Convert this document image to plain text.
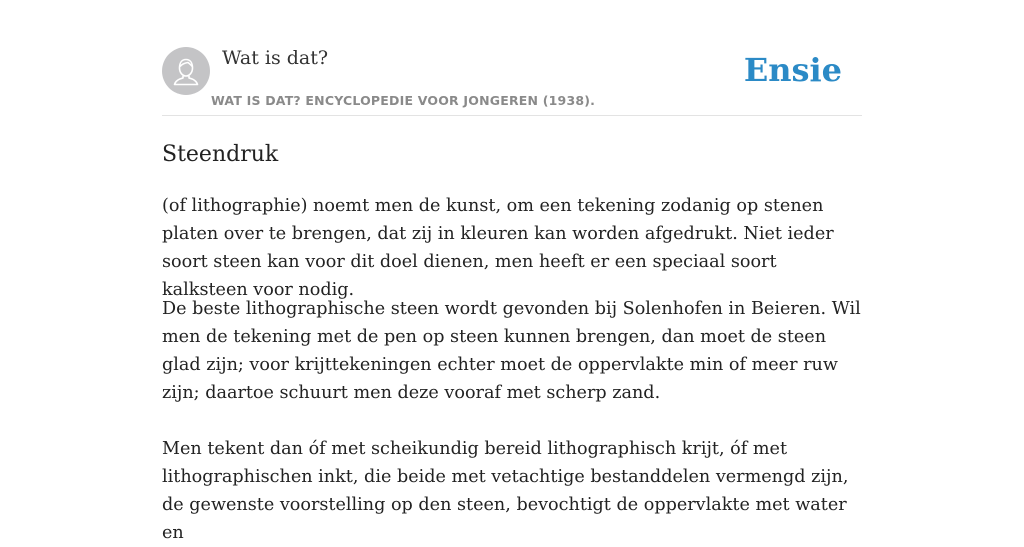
Wat is dat?
WAT IS DAT? ENCYCLOPEDIE VOOR JONGEREN (1938).
Ensie
Steendruk

(of lithographie) noemt men de kunst, om een tekening zodanig op stenen platen over te brengen, dat zij in kleuren kan worden afgedrukt. Niet ieder soort steen kan voor dit doel dienen, men heeft er een speciaal soort kalksteen voor nodig.

De beste lithographische steen wordt gevonden bij Solenhofen in Beieren. Wil men de tekening met de pen op steen kunnen brengen, dan moet de steen glad zijn; voor krijttekeningen echter moet de oppervlakte min of meer ruw zijn; daartoe schuurt men deze vooraf met scherp zand.

Men tekent dan óf met scheikundig bereid lithographisch krijt, óf met lithographischen inkt, die beide met vetachtige bestanddelen vermengd zijn, de gewenste voorstelling op den steen, bevochtigt de oppervlakte met water en
